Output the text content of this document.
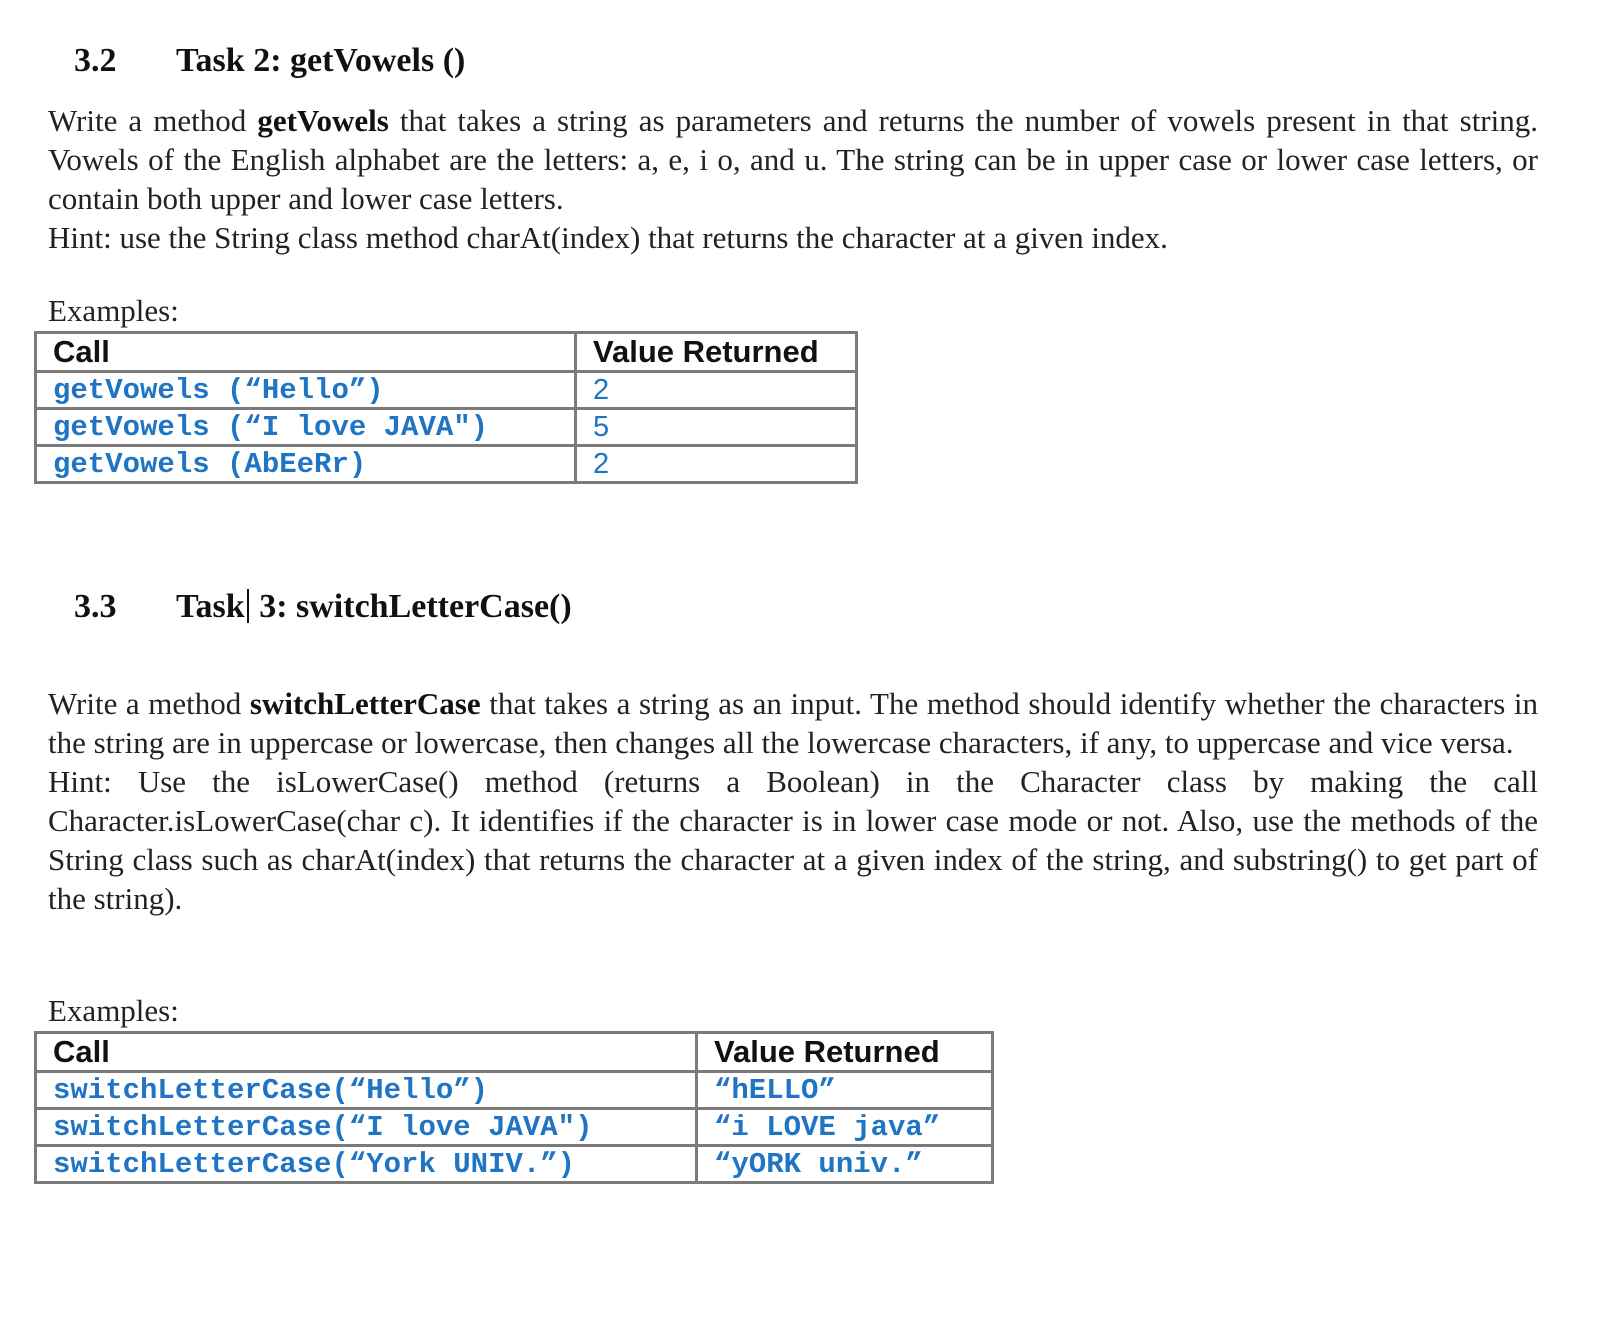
3.2 Task 2: getVowels ()

Write a method getVowels that takes a string as parameters and returns the number of vowels present in that string. Vowels of the English alphabet are the letters: a, e, i o, and u. The string can be in upper case or lower case letters, or contain both upper and lower case letters.

Hint: use the String class method charAt(index) that returns the character at a given index.

Examples:
Call	Value Returned
getVowels (“Hello”)	2
getVowels (“I love JAVA")	5
getVowels (AbEeRr)	2
3.3 Task 3: switchLetterCase()

Write a method switchLetterCase that takes a string as an input. The method should identify whether the characters in the string are in uppercase or lowercase, then changes all the lowercase characters, if any, to uppercase and vice versa.

Hint: Use the isLowerCase() method (returns a Boolean) in the Character class by making the call Character.isLowerCase(char c). It identifies if the character is in lower case mode or not. Also, use the methods of the String class such as charAt(index) that returns the character at a given index of the string, and substring() to get part of the string).

Examples:
Call	Value Returned
switchLetterCase(“Hello”)	“hELLO”
switchLetterCase(“I love JAVA")	“i LOVE java”
switchLetterCase(“York UNIV.”)	“yORK univ.”
